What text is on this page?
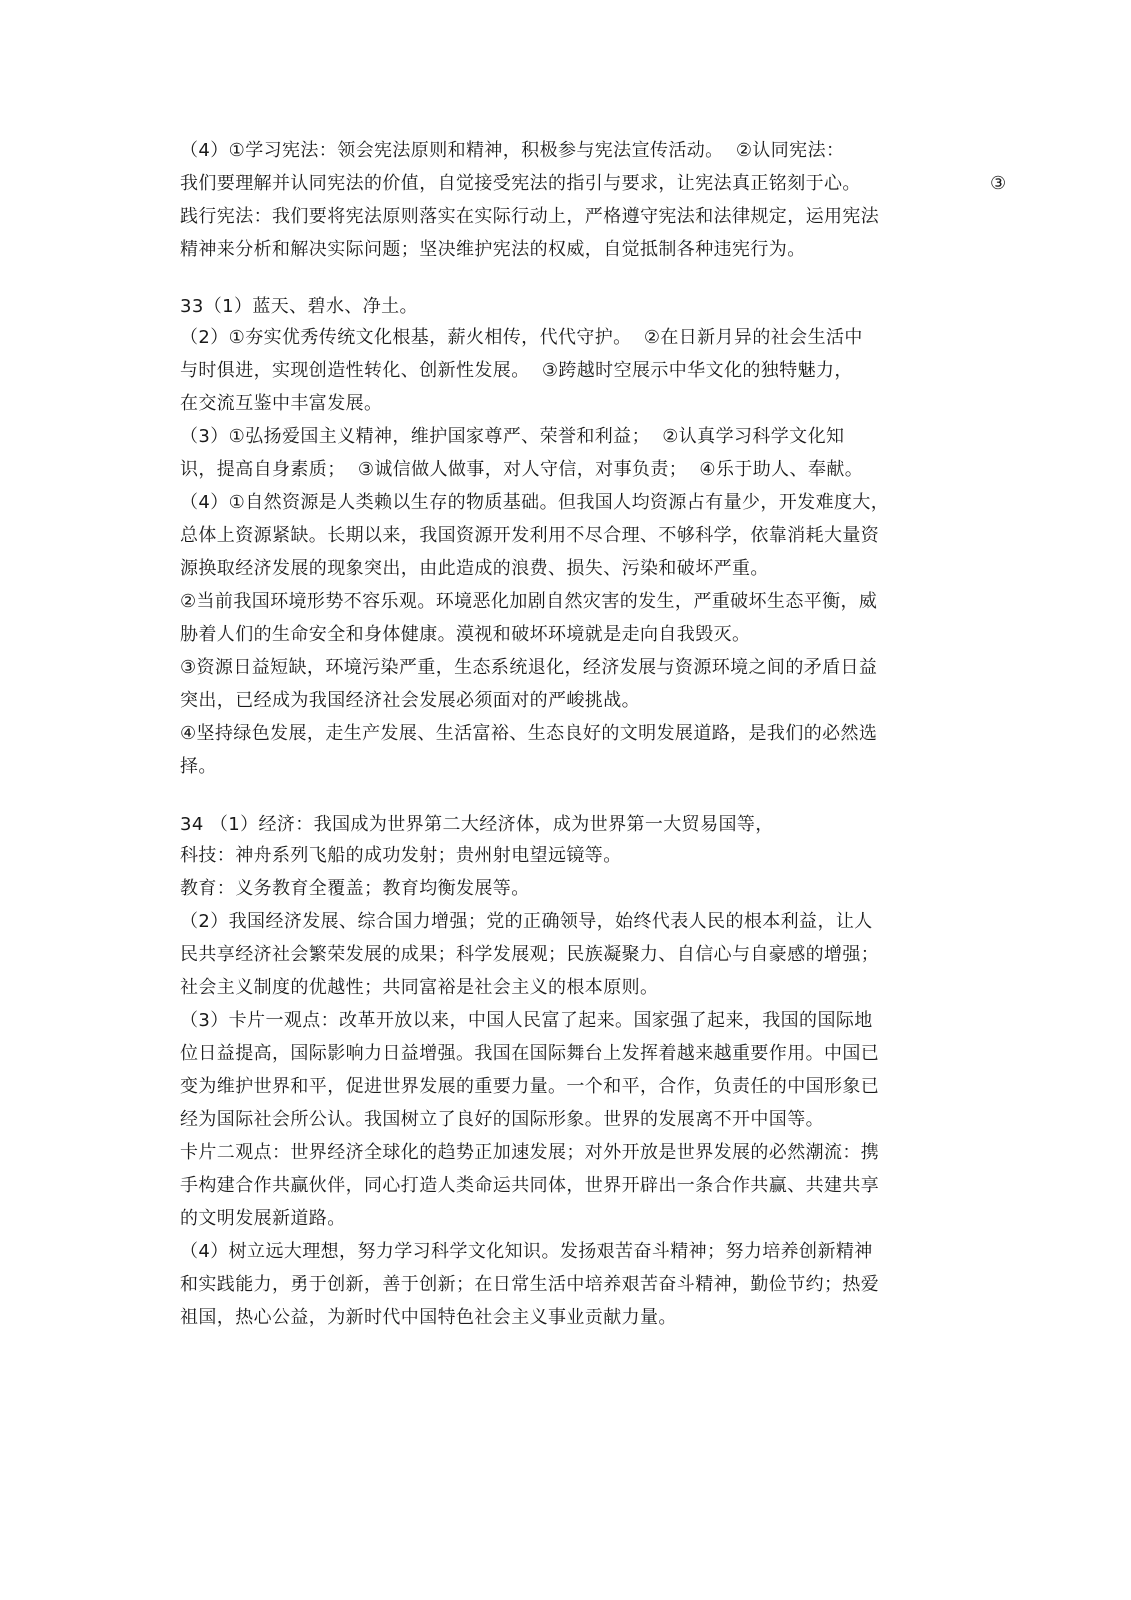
（4）①学习宪法：领会宪法原则和精神，积极参与宪法宣传活动。  ②认同宪法：
我们要理解并认同宪法的价值，自觉接受宪法的指引与要求，让宪法真正铭刻于心。	③
践行宪法：我们要将宪法原则落实在实际行动上，严格遵守宪法和法律规定，运用宪法
精神来分析和解决实际问题；坚决维护宪法的权威，自觉抵制各种违宪行为。
33（1）蓝天、碧水、净土。
（2）①夯实优秀传统文化根基，薪火相传，代代守护。  ②在日新月异的社会生活中
与时俱进，实现创造性转化、创新性发展。  ③跨越时空展示中华文化的独特魅力，
在交流互鉴中丰富发展。
（3）①弘扬爱国主义精神，维护国家尊严、荣誉和利益；  ②认真学习科学文化知
识，提高自身素质；  ③诚信做人做事，对人守信，对事负责；  ④乐于助人、奉献。
（4）①自然资源是人类赖以生存的物质基础。但我国人均资源占有量少，开发难度大，
总体上资源紧缺。长期以来，我国资源开发利用不尽合理、不够科学，依靠消耗大量资
源换取经济发展的现象突出，由此造成的浪费、损失、污染和破坏严重。
②当前我国环境形势不容乐观。环境恶化加剧自然灾害的发生，严重破坏生态平衡，威
胁着人们的生命安全和身体健康。漠视和破坏环境就是走向自我毁灭。
③资源日益短缺，环境污染严重，生态系统退化，经济发展与资源环境之间的矛盾日益
突出，已经成为我国经济社会发展必须面对的严峻挑战。
④坚持绿色发展，走生产发展、生活富裕、生态良好的文明发展道路，是我们的必然选
择。
34 （1）经济：我国成为世界第二大经济体，成为世界第一大贸易国等，
科技：神舟系列飞船的成功发射；贵州射电望远镜等。
教育：义务教育全覆盖；教育均衡发展等。
（2）我国经济发展、综合国力增强；党的正确领导，始终代表人民的根本利益，让人
民共享经济社会繁荣发展的成果；科学发展观；民族凝聚力、自信心与自豪感的增强；
社会主义制度的优越性；共同富裕是社会主义的根本原则。
（3）卡片一观点：改革开放以来，中国人民富了起来。国家强了起来，我国的国际地
位日益提高，国际影响力日益增强。我国在国际舞台上发挥着越来越重要作用。中国已
变为维护世界和平，促进世界发展的重要力量。一个和平，合作，负责任的中国形象已
经为国际社会所公认。我国树立了良好的国际形象。世界的发展离不开中国等。
卡片二观点：世界经济全球化的趋势正加速发展；对外开放是世界发展的必然潮流：携
手构建合作共赢伙伴，同心打造人类命运共同体，世界开辟出一条合作共赢、共建共享
的文明发展新道路。
（4）树立远大理想，努力学习科学文化知识。发扬艰苦奋斗精神；努力培养创新精神
和实践能力，勇于创新，善于创新；在日常生活中培养艰苦奋斗精神，勤俭节约；热爱
祖国，热心公益，为新时代中国特色社会主义事业贡献力量。
